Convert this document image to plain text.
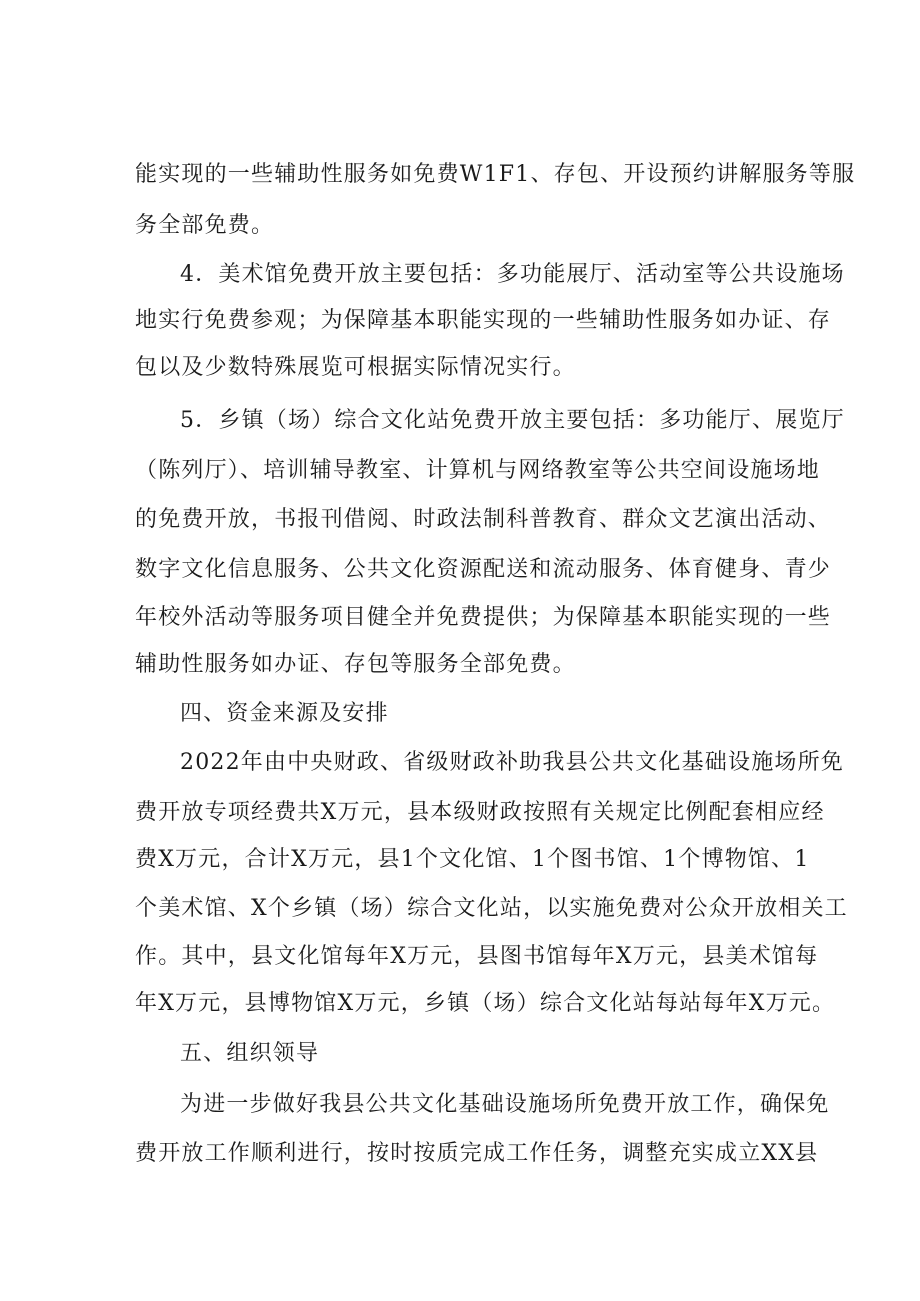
能实现的一些辅助性服务如免费W1F1、存包、开设预约讲解服务等服
务全部免费。
4．美术馆免费开放主要包括：多功能展厅、活动室等公共设施场
地实行免费参观；为保障基本职能实现的一些辅助性服务如办证、存
包以及少数特殊展览可根据实际情况实行。
5．乡镇（场）综合文化站免费开放主要包括：多功能厅、展览厅
（陈列厅）、培训辅导教室、计算机与网络教室等公共空间设施场地
的免费开放，书报刊借阅、时政法制科普教育、群众文艺演出活动、
数字文化信息服务、公共文化资源配送和流动服务、体育健身、青少
年校外活动等服务项目健全并免费提供；为保障基本职能实现的一些
辅助性服务如办证、存包等服务全部免费。
四、资金来源及安排
2022年由中央财政、省级财政补助我县公共文化基础设施场所免
费开放专项经费共X万元，县本级财政按照有关规定比例配套相应经
费X万元，合计X万元，县1个文化馆、1个图书馆、1个博物馆、1
个美术馆、X个乡镇（场）综合文化站，以实施免费对公众开放相关工
作。其中，县文化馆每年X万元，县图书馆每年X万元，县美术馆每
年X万元，县博物馆X万元，乡镇（场）综合文化站每站每年X万元。
五、组织领导
为进一步做好我县公共文化基础设施场所免费开放工作，确保免
费开放工作顺利进行，按时按质完成工作任务，调整充实成立XX县
